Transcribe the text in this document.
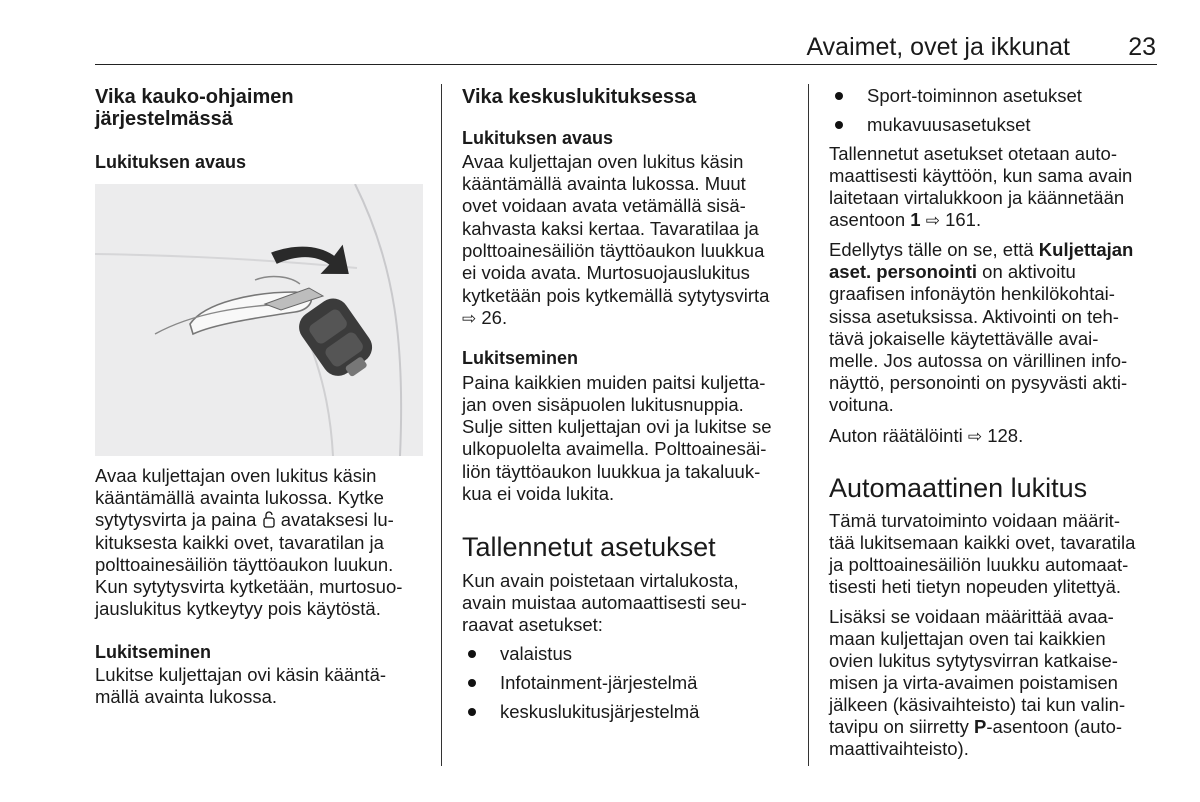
Avaimet, ovet ja ikkunat 23
Vika kauko-ohjaimen
järjestelmässä
Lukituksen avaus
Avaa kuljettajan oven lukitus käsin
kääntämällä avainta lukossa. Kytke
sytytysvirta ja paina avataksesi lu-
kituksesta kaikki ovet, tavaratilan ja
polttoainesäiliön täyttöaukon luukun.
Kun sytytysvirta kytketään, murtosuo-
jauslukitus kytkeytyy pois käytöstä.
Lukitseminen
Lukitse kuljettajan ovi käsin kääntä-
mällä avainta lukossa.
Vika keskuslukituksessa
Lukituksen avaus
Avaa kuljettajan oven lukitus käsin
kääntämällä avainta lukossa. Muut
ovet voidaan avata vetämällä sisä-
kahvasta kaksi kertaa. Tavaratilaa ja
polttoainesäiliön täyttöaukon luukkua
ei voida avata. Murtosuojauslukitus
kytketään pois kytkemällä sytytysvirta
⇨ 26.
Lukitseminen
Paina kaikkien muiden paitsi kuljetta-
jan oven sisäpuolen lukitusnuppia.
Sulje sitten kuljettajan ovi ja lukitse se
ulkopuolelta avaimella. Polttoainesäi-
liön täyttöaukon luukkua ja takaluuk-
kua ei voida lukita.
Tallennetut asetukset
Kun avain poistetaan virtalukosta,
avain muistaa automaattisesti seu-
raavat asetukset:
valaistus
Infotainment-järjestelmä
keskuslukitusjärjestelmä
Sport-toiminnon asetukset
mukavuusasetukset
Tallennetut asetukset otetaan auto-
maattisesti käyttöön, kun sama avain
laitetaan virtalukkoon ja käännetään
asentoon 1 ⇨ 161.
Edellytys tälle on se, että Kuljettajan
aset. personointi on aktivoitu
graafisen infonäytön henkilökohtai-
sissa asetuksissa. Aktivointi on teh-
tävä jokaiselle käytettävälle avai-
melle. Jos autossa on värillinen info-
näyttö, personointi on pysyvästi akti-
voituna.
Auton räätälöinti ⇨ 128.
Automaattinen lukitus
Tämä turvatoiminto voidaan määrit-
tää lukitsemaan kaikki ovet, tavaratila
ja polttoainesäiliön luukku automaat-
tisesti heti tietyn nopeuden ylitettyä.
Lisäksi se voidaan määrittää avaa-
maan kuljettajan oven tai kaikkien
ovien lukitus sytytysvirran katkaise-
misen ja virta-avaimen poistamisen
jälkeen (käsivaihteisto) tai kun valin-
tavipu on siirretty P-asentoon (auto-
maattivaihteisto).
